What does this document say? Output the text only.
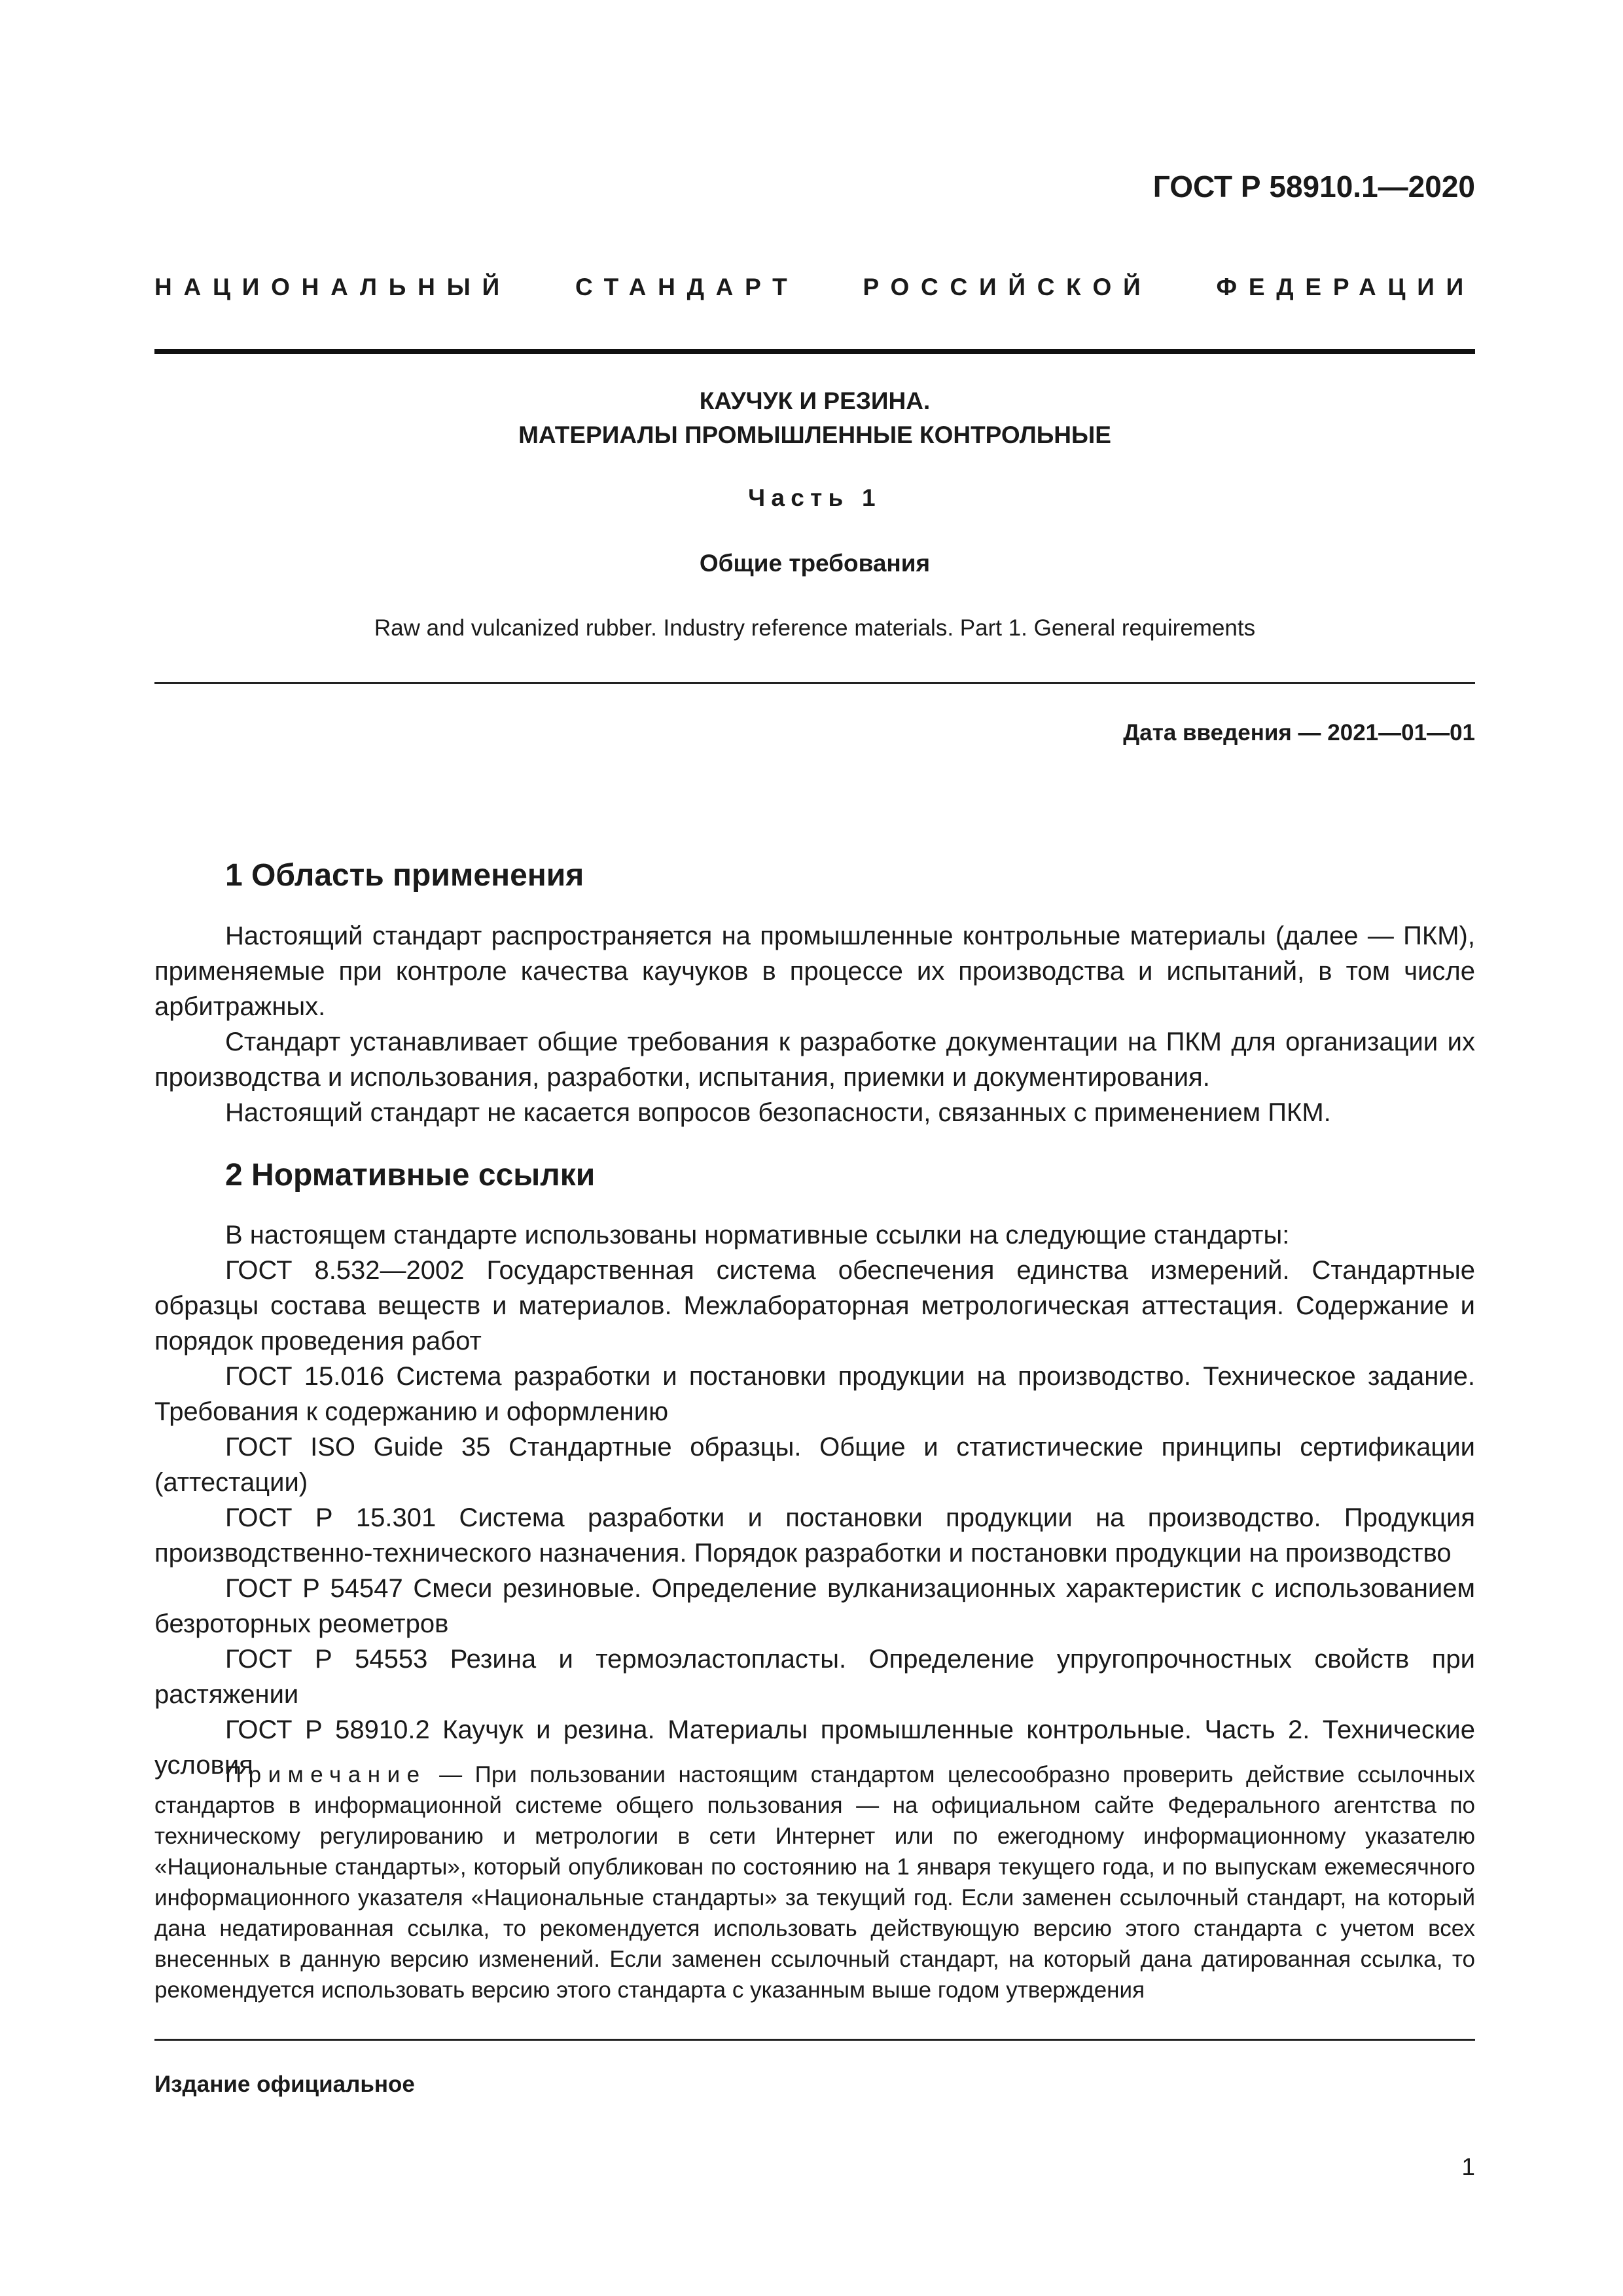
ГОСТ Р 58910.1—2020
НАЦИОНАЛЬНЫЙ СТАНДАРТ РОССИЙСКОЙ ФЕДЕРАЦИИ
КАУЧУК И РЕЗИНА.
МАТЕРИАЛЫ ПРОМЫШЛЕННЫЕ КОНТРОЛЬНЫЕ
Часть 1
Общие требования
Raw and vulcanized rubber. Industry reference materials. Part 1. General requirements
Дата введения — 2021—01—01
1 Область применения

Настоящий стандарт распространяется на промышленные контрольные материалы (далее — ПКМ), применяемые при контроле качества каучуков в процессе их производства и испытаний, в том числе арбитражных.

Стандарт устанавливает общие требования к разработке документации на ПКМ для организации их производства и использования, разработки, испытания, приемки и документирования.

Настоящий стандарт не касается вопросов безопасности, связанных с применением ПКМ.

2 Нормативные ссылки

В настоящем стандарте использованы нормативные ссылки на следующие стандарты:

ГОСТ 8.532—2002 Государственная система обеспечения единства измерений. Стандартные образцы состава веществ и материалов. Межлабораторная метрологическая аттестация. Содержание и порядок проведения работ

ГОСТ 15.016 Система разработки и постановки продукции на производство. Техническое задание. Требования к содержанию и оформлению

ГОСТ ISO Guide 35 Стандартные образцы. Общие и статистические принципы сертификации (аттестации)

ГОСТ Р 15.301 Система разработки и постановки продукции на производство. Продукция производственно-технического назначения. Порядок разработки и постановки продукции на производство

ГОСТ Р 54547 Смеси резиновые. Определение вулканизационных характеристик с использованием безроторных реометров

ГОСТ Р 54553 Резина и термоэластопласты. Определение упругопрочностных свойств при растяжении

ГОСТ Р 58910.2 Каучук и резина. Материалы промышленные контрольные. Часть 2. Технические условия

Примечание — При пользовании настоящим стандартом целесообразно проверить действие ссылочных стандартов в информационной системе общего пользования — на официальном сайте Федерального агентства по техническому регулированию и метрологии в сети Интернет или по ежегодному информационному указателю «Национальные стандарты», который опубликован по состоянию на 1 января текущего года, и по выпускам ежемесячного информационного указателя «Национальные стандарты» за текущий год. Если заменен ссылочный стандарт, на который дана недатированная ссылка, то рекомендуется использовать действующую версию этого стандарта с учетом всех внесенных в данную версию изменений. Если заменен ссылочный стандарт, на который дана датированная ссылка, то рекомендуется использовать версию этого стандарта с указанным выше годом утверждения
Издание официальное
1
